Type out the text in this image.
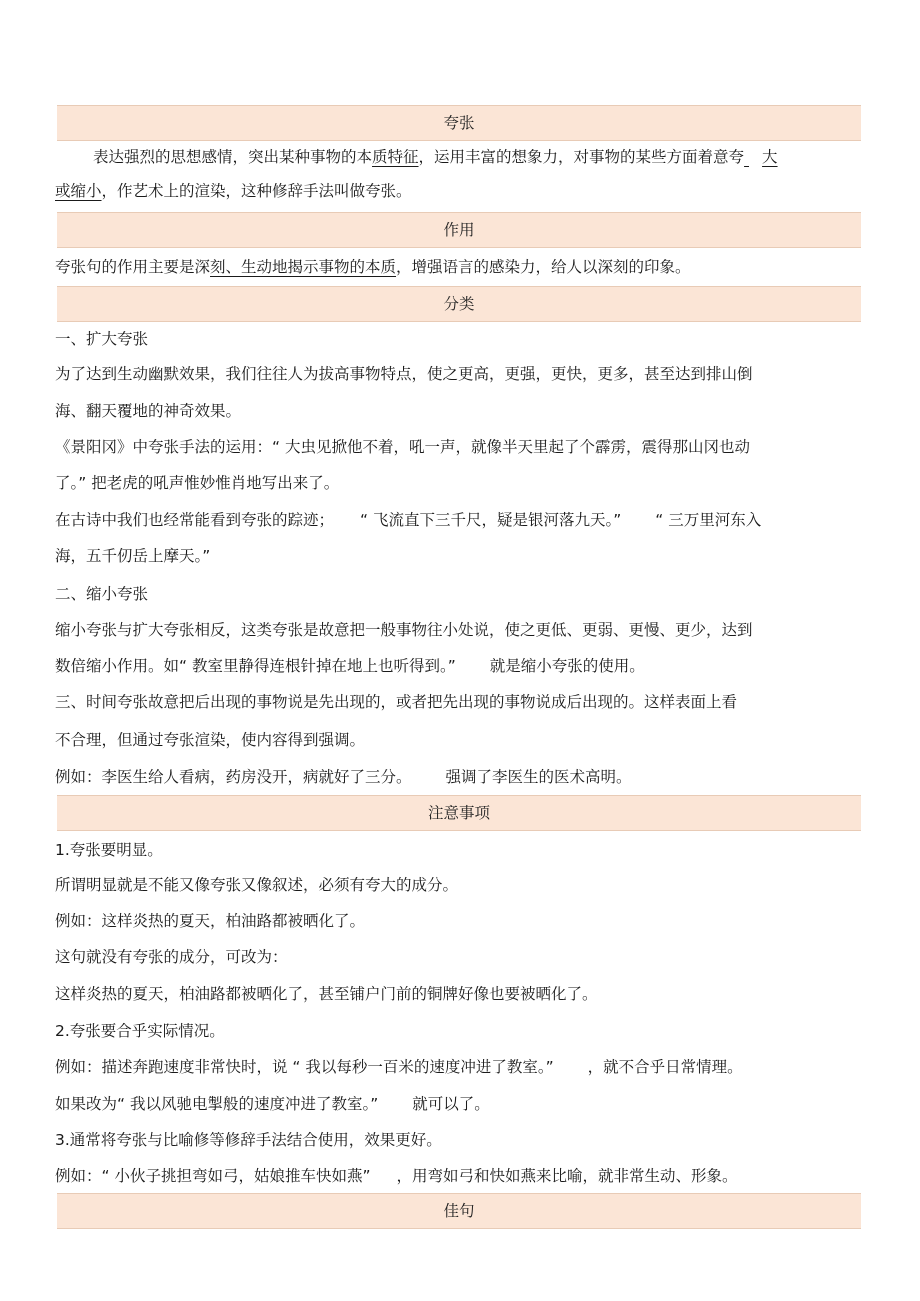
夸张
表达强烈的思想感情，突出某种事物的本质特征，运用丰富的想象力，对事物的某些方面着意夸 大
或缩小，作艺术上的渲染，这种修辞手法叫做夸张。
作用
夸张句的作用主要是深刻、生动地揭示事物的本质，增强语言的感染力，给人以深刻的印象。
分类
一、扩大夸张
为了达到生动幽默效果，我们往往人为拔高事物特点，使之更高，更强，更快，更多，甚至达到排山倒
海、翻天覆地的神奇效果。
《景阳冈》中夸张手法的运用：“ 大虫见掀他不着，吼一声，就像半天里起了个霹雳，震得那山冈也动
了。” 把老虎的吼声惟妙惟肖地写出来了。
在古诗中我们也经常能看到夸张的踪迹； “ 飞流直下三千尺，疑是银河落九天。” “ 三万里河东入
海，五千仞岳上摩天。”
二、缩小夸张
缩小夸张与扩大夸张相反，这类夸张是故意把一般事物往小处说，使之更低、更弱、更慢、更少，达到
数倍缩小作用。如“ 教室里静得连根针掉在地上也听得到。” 就是缩小夸张的使用。
三、时间夸张故意把后出现的事物说是先出现的，或者把先出现的事物说成后出现的。这样表面上看
不合理，但通过夸张渲染，使内容得到强调。
例如：李医生给人看病，药房没开，病就好了三分。 强调了李医生的医术高明。
注意事项
1.夸张要明显。
所谓明显就是不能又像夸张又像叙述，必须有夸大的成分。
例如：这样炎热的夏天，柏油路都被晒化了。
这句就没有夸张的成分，可改为：
这样炎热的夏天，柏油路都被晒化了，甚至铺户门前的铜牌好像也要被晒化了。
2.夸张要合乎实际情况。
例如：描述奔跑速度非常快时，说 “ 我以每秒一百米的速度冲进了教室。” ，就不合乎日常情理。
如果改为“ 我以风驰电掣般的速度冲进了教室。” 就可以了。
3.通常将夸张与比喻修等修辞手法结合使用，效果更好。
例如：“ 小伙子挑担弯如弓，姑娘推车快如燕” ，用弯如弓和快如燕来比喻，就非常生动、形象。
佳句
